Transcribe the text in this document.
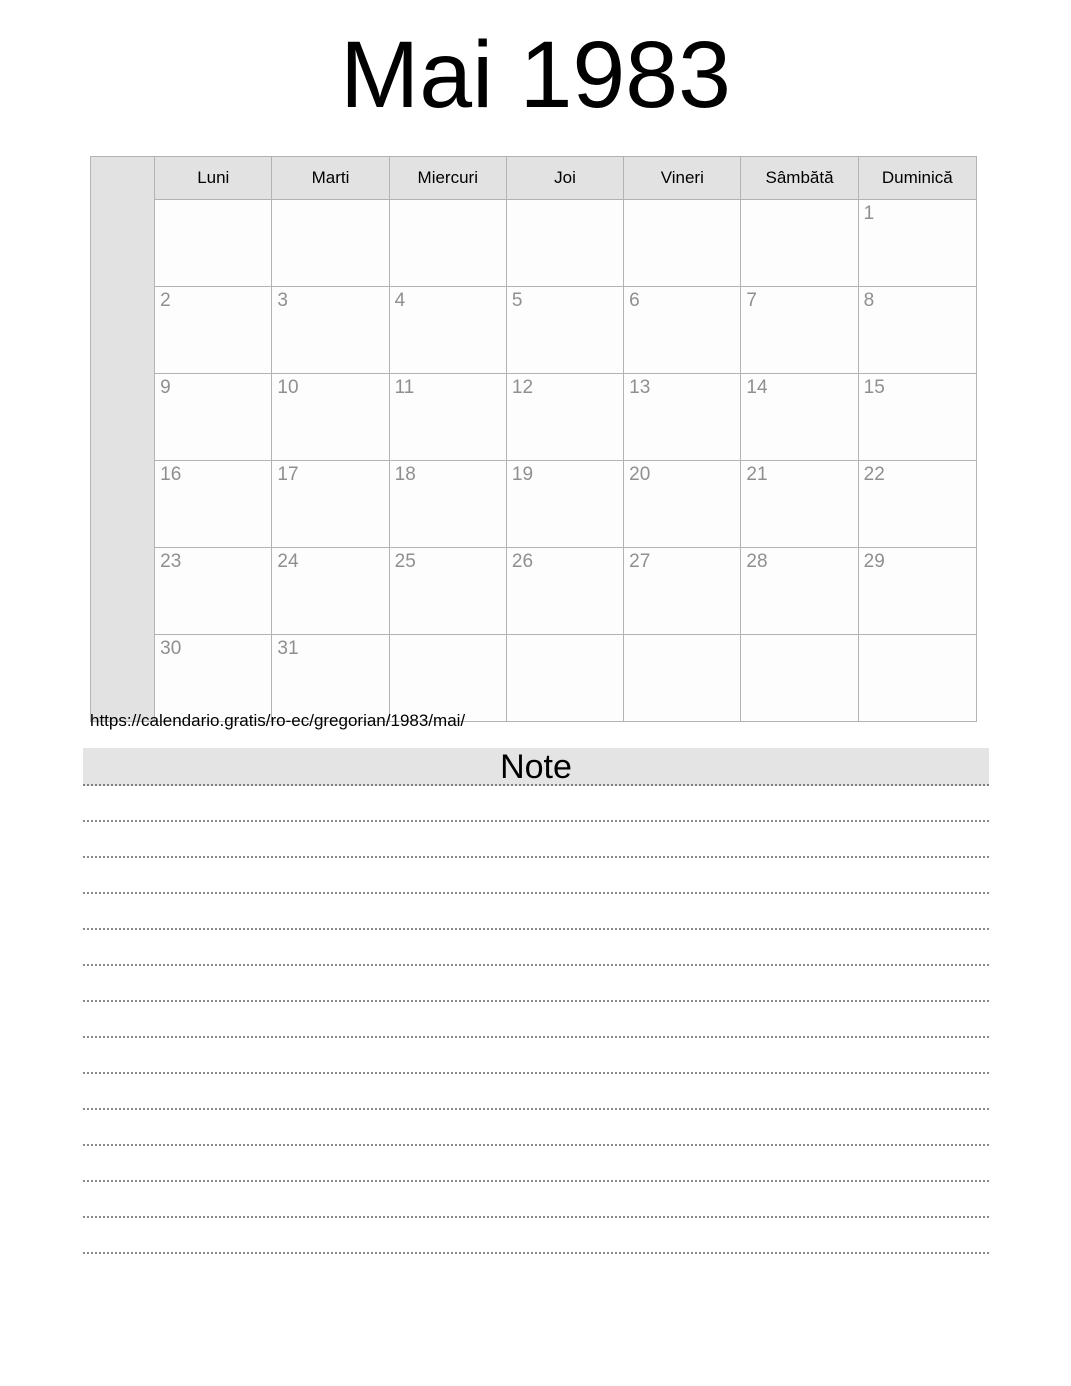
Mai 1983
	Luni	Marti	Miercuri	Joi	Vineri	Sâmbătă	Duminică
							1
	2	3	4	5	6	7	8
	9	10	11	12	13	14	15
	16	17	18	19	20	21	22
	23	24	25	26	27	28	29
	30	31					
https://calendario.gratis/ro-ec/gregorian/1983/mai/
Note
